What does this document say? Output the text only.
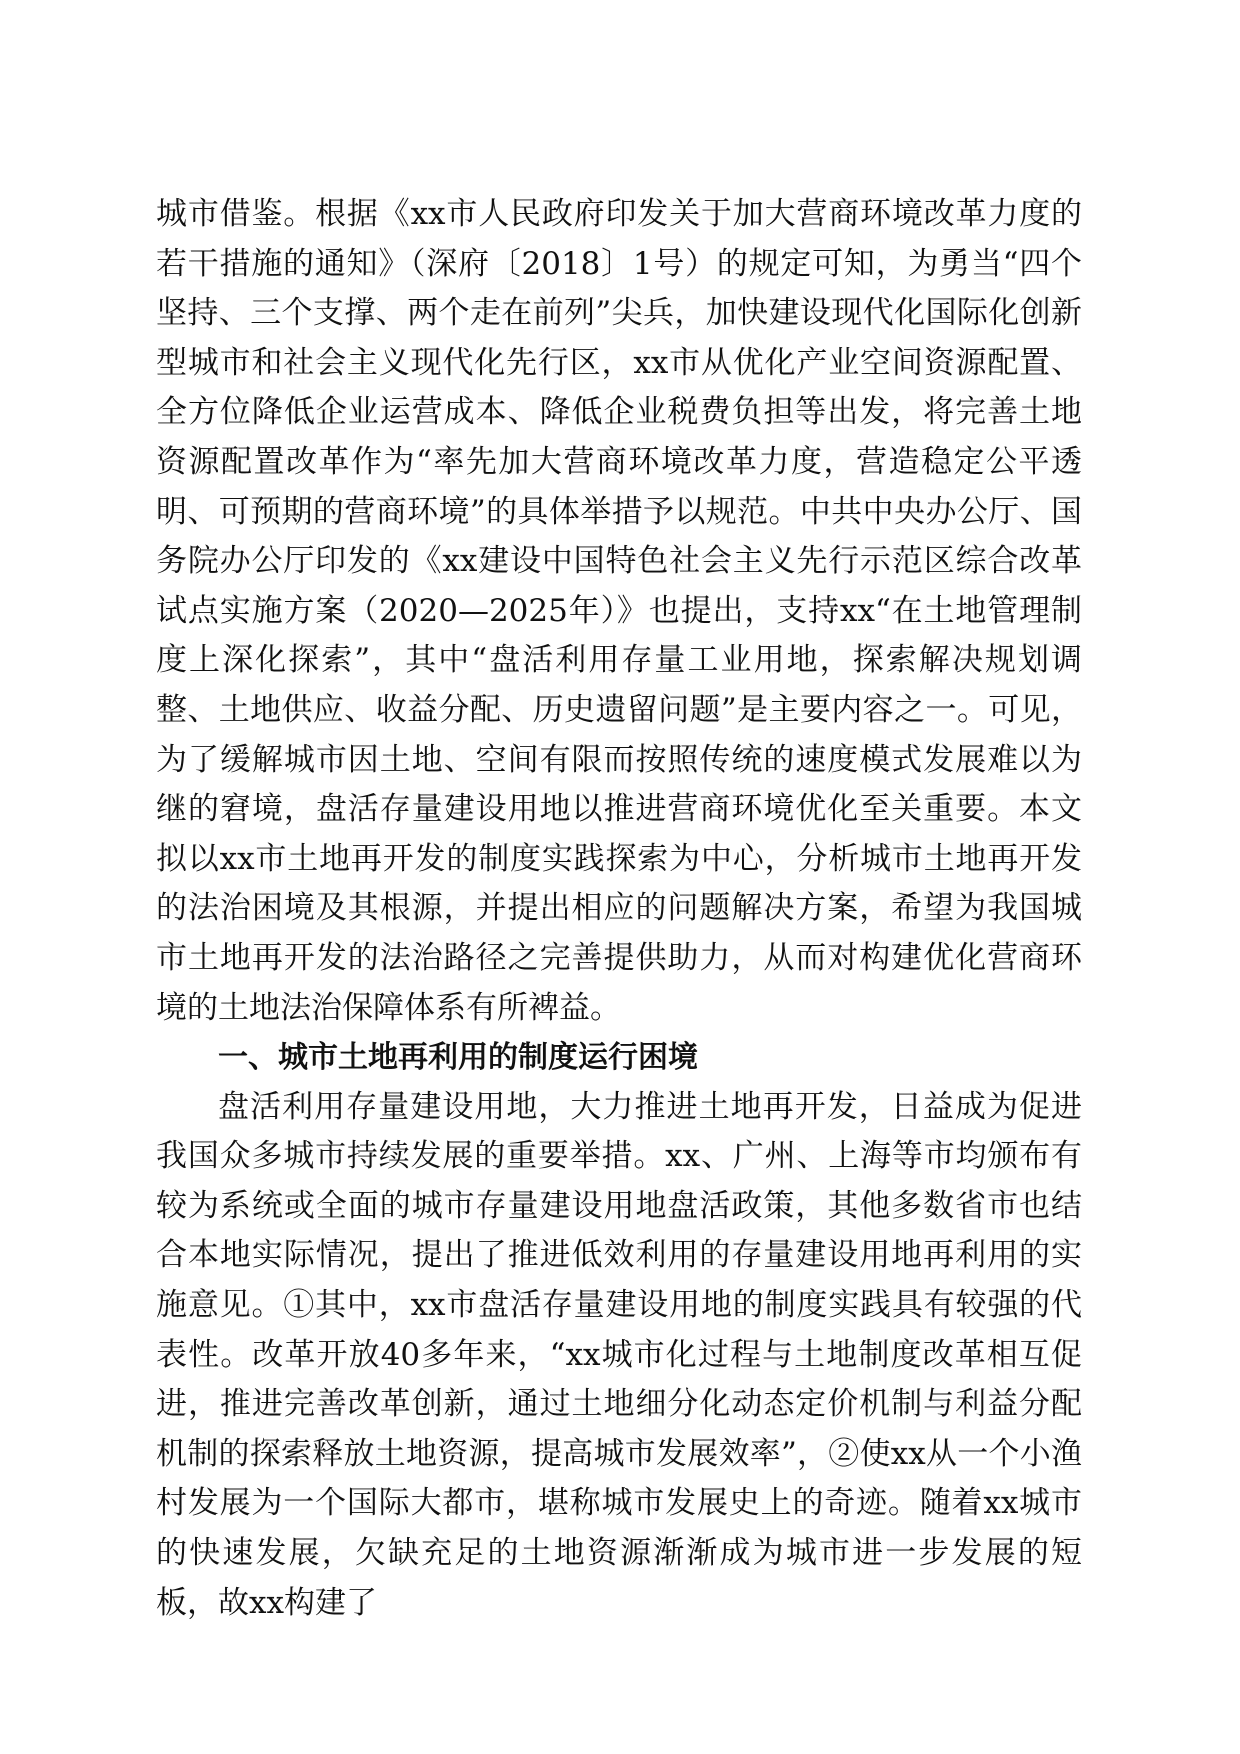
城市借鉴。根据《xx市人民政府印发关于加大营商环境改革力度的若干措施的通知》（深府〔2018〕1号）的规定可知，为勇当“四个坚持、三个支撑、两个走在前列”尖兵，加快建设现代化国际化创新型城市和社会主义现代化先行区，xx市从优化产业空间资源配置、全方位降低企业运营成本、降低企业税费负担等出发，将完善土地资源配置改革作为“率先加大营商环境改革力度，营造稳定公平透明、可预期的营商环境”的具体举措予以规范。中共中央办公厅、国务院办公厅印发的《xx建设中国特色社会主义先行示范区综合改革试点实施方案（2020—2025年）》也提出，支持xx“在土地管理制度上深化探索”，其中“盘活利用存量工业用地，探索解决规划调整、土地供应、收益分配、历史遗留问题”是主要内容之一。可见，为了缓解城市因土地、空间有限而按照传统的速度模式发展难以为继的窘境，盘活存量建设用地以推进营商环境优化至关重要。本文拟以xx市土地再开发的制度实践探索为中心，分析城市土地再开发的法治困境及其根源，并提出相应的问题解决方案，希望为我国城市土地再开发的法治路径之完善提供助力，从而对构建优化营商环境的土地法治保障体系有所裨益。

一、城市土地再利用的制度运行困境

盘活利用存量建设用地，大力推进土地再开发，日益成为促进我国众多城市持续发展的重要举措。xx、广州、上海等市均颁布有较为系统或全面的城市存量建设用地盘活政策，其他多数省市也结合本地实际情况，提出了推进低效利用的存量建设用地再利用的实施意见。①其中，xx市盘活存量建设用地的制度实践具有较强的代表性。改革开放40多年来，“xx城市化过程与土地制度改革相互促进，推进完善改革创新，通过土地细分化动态定价机制与利益分配机制的探索释放土地资源，提高城市发展效率”，②使xx从一个小渔村发展为一个国际大都市，堪称城市发展史上的奇迹。随着xx城市的快速发展，欠缺充足的土地资源渐渐成为城市进一步发展的短板，故xx构建了
